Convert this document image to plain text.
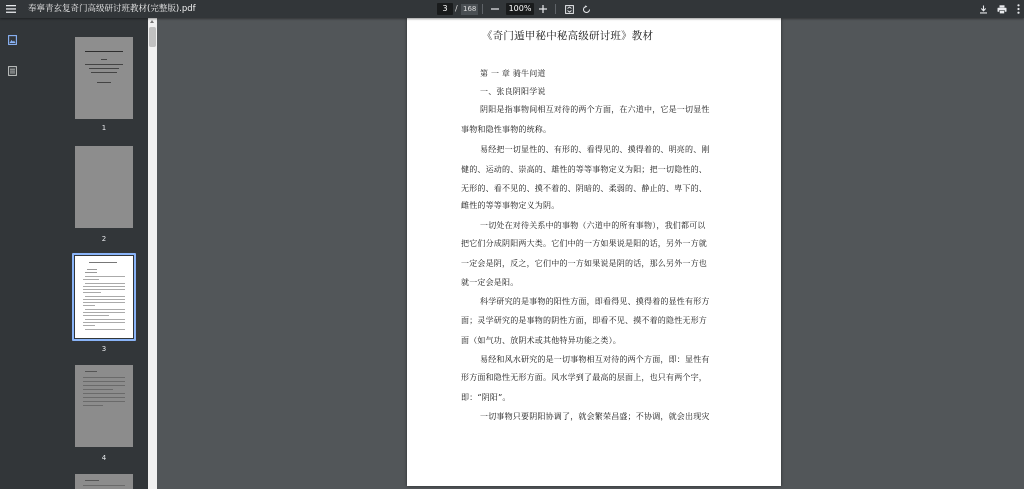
奉寧青玄复奇门高级研讨班教材(完整版).pdf	3 / 168	100%
1
2
3
4
《奇门遁甲秘中秘高级研讨班》教材
第 一 章 骑牛问道
一、张良阴阳学说
阴阳是指事物间相互对待的两个方面，在六道中，它是一切显性
事物和隐性事物的统称。
易经把一切显性的、有形的、看得见的、摸得着的、明亮的、刚
健的、运动的、崇高的、雄性的等等事物定义为阳；把一切隐性的、
无形的、看不见的、摸不着的、阴暗的、柔弱的、静止的、卑下的、
雌性的等等事物定义为阴。
一切处在对待关系中的事物（六道中的所有事物），我们都可以
把它们分成阴阳两大类。它们中的一方如果说是阳的话，另外一方就
一定会是阴，反之，它们中的一方如果说是阴的话，那么另外一方也
就一定会是阳。
科学研究的是事物的阳性方面，即看得见、摸得着的显性有形方
面；灵学研究的是事物的阴性方面，即看不见、摸不着的隐性无形方
面（如气功、放阴术或其他特异功能之类）。
易经和风水研究的是一切事物相互对待的两个方面，即：显性有
形方面和隐性无形方面。风水学到了最高的层面上，也只有两个字，
即：“阴阳”。
一切事物只要阴阳协调了，就会繁荣昌盛；不协调，就会出现灾
